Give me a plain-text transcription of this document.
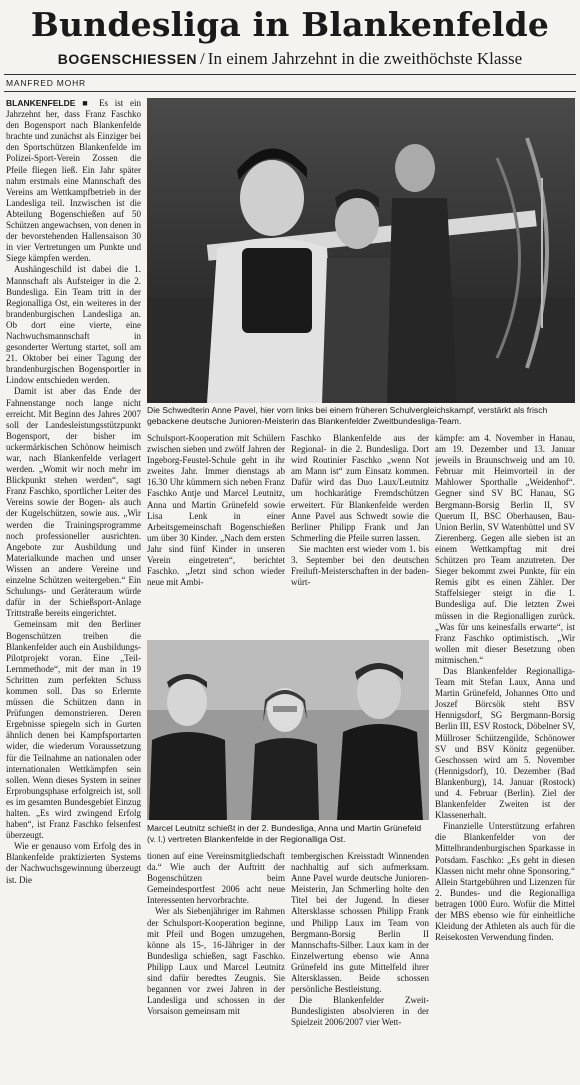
Bundesliga in Blankenfelde
BOGENSCHIESSEN / In einem Jahrzehnt in die zweithöchste Klasse
MANFRED MOHR

BLANKENFELDE ■ Es ist ein Jahrzehnt her, dass Franz Faschko den Bogensport nach Blankenfelde brachte und zunächst als Einziger bei den Sportschützen Blankenfelde im Polizei-Sport-Verein Zossen die Pfeile fliegen ließ. Ein Jahr später nahm erstmals eine Mannschaft des Vereins am Wettkampfbetrieb in der Landesliga teil. Inzwischen ist die Abteilung Bogenschießen auf 50 Schützen angewachsen, von denen in der bevorstehenden Hallensaison 30 in vier Vertretungen um Punkte und Siege kämpfen werden.

Aushängeschild ist dabei die 1. Mannschaft als Aufsteiger in die 2. Bundesliga. Ein Team tritt in der Regionalliga Ost, ein weiteres in der brandenburgischen Landesliga an. Ob dort eine vierte, eine Nachwuchsmannschaft in gesonderter Wertung startet, soll am 21. Oktober bei einer Tagung der brandenburgischen Bogensportler in Lindow entschieden werden.

Damit ist aber das Ende der Fahnenstange noch lange nicht erreicht. Mit Beginn des Jahres 2007 soll der Landesleistungsstützpunkt Bogensport, der bisher im uckermärkischen Schönow heimisch war, nach Blankenfelde verlagert werden. „Womit wir noch mehr im Blickpunkt stehen werden“, sagt Franz Faschko, sportlicher Leiter des Vereins sowie der Bogen- als auch der Kugelschützen, sowie aus. „Wir werden die Trainingsprogramme noch professioneller ausrichten. Angebote zur Ausbildung und Materialkunde machen und unser Wissen an andere Vereine und einzelne Schützen weitergeben.“ Ein Schulungs- und Geräteraum würde dafür in der Schießsport-Anlage Trittstraße bereits eingerichtet.

Gemeinsam mit den Berliner Bogenschützen treiben die Blankenfelder auch ein Ausbildungs-Pilotprojekt voran. Eine „Teil-Lernmethode“, mit der man in 19 Schritten zum perfekten Schuss kommen soll. Das so Erlernte müssen die Schützen dann in Prüfungen demonstrieren. Deren Ergebnisse spiegeln sich in Gurten ähnlich denen bei Kampfsportarten wider, die wiederum Voraussetzung für die Teilnahme an nationalen oder internationalen Wettkämpfen sein sollen. Wenn dieses System in seiner Erprobungsphase erfolgreich ist, soll es im gesamten Bundesgebiet Einzug halten. „Es wird zwingend Erfolg haben“, ist Franz Faschko felsenfest überzeugt.

Wie er genauso vom Erfolg des in Blankenfelde praktizierten Systems der Nachwuchsgewinnung überzeugt ist. Die

Die Schwedterin Anne Pavel, hier vorn links bei einem früheren Schulvergleichskampf, verstärkt als frisch gebackene deutsche Junioren-Meisterin das Blankenfelder Zweitbundesliga-Team.

Schulsport-Kooperation mit Schülern zwischen sieben und zwölf Jahren der Ingeborg-Feustel-Schule geht in ihr zweites Jahr. Immer dienstags ab 16.30 Uhr kümmern sich neben Franz Faschko Antje und Marcel Leutnitz, Anna und Martin Grünefeld sowie Lisa Lenk in einer Arbeitsgemeinschaft Bogenschießen um über 30 Kinder. „Nach dem ersten Jahr sind fünf Kinder in unseren Verein eingetreten“, berichtet Faschko. „Jetzt sind schon wieder neue mit Ambi-

Faschko Blankenfelde aus der Regional- in die 2. Bundesliga. Dort wird Routinier Faschko „wenn Not am Mann ist“ zum Einsatz kommen. Dafür wird das Duo Laux/Leutnitz um hochkarätige Fremdschützen erweitert. Für Blankenfelde werden Anne Pavel aus Schwedt sowie die Berliner Philipp Frank und Jan Schmerling die Pfeile surren lassen.

Sie machten erst wieder vom 1. bis 3. September bei den deutschen Freiluft-Meisterschaften in der baden-würt-

Marcel Leutnitz schießt in der 2. Bundesliga, Anna und Martin Grünefeld (v. l.) vertreten Blankenfelde in der Regionalliga Ost.

tionen auf eine Vereinsmitgliedschaft da.“ Wie auch der Auftritt der Bogenschützen beim Gemeindesportfest 2006 acht neue Interessenten hervorbrachte.

Wer als Siebenjähriger im Rahmen der Schulsport-Kooperation beginne, mit Pfeil und Bogen umzugehen, könne als 15-, 16-Jähriger in der Bundesliga schießen, sagt Faschko. Philipp Laux und Marcel Leutnitz sind dafür beredtes Zeugnis. Sie begannen vor zwei Jahren in der Landesliga und schossen in der Vorsaison gemeinsam mit

tembergischen Kreisstadt Winnenden nachhaltig auf sich aufmerksam. Anne Pavel wurde deutsche Junioren-Meisterin, Jan Schmerling holte den Titel bei der Jugend. In dieser Altersklasse schossen Philipp Frank und Philipp Laux im Team von Bergmann-Borsig Berlin II Mannschafts-Silber. Laux kam in der Einzelwertung ebenso wie Anna Grünefeld ins gute Mittelfeld ihrer Altersklassen. Beide schossen persönliche Bestleistung.

Die Blankenfelder Zweit-Bundesligisten absolvieren in der Spielzeit 2006/2007 vier Wett-

kämpfe: am 4. November in Hanau, am 19. Dezember und 13. Januar jeweils in Braunschweig und am 10. Februar mit Heimvorteil in der Mahlower Sporthalle „Weidenhof“. Gegner sind SV BC Hanau, SG Bergmann-Borsig Berlin II, SV Querum II, BSC Oberhausen, Bau-Union Berlin, SV Watenbüttel und SV Zierenberg. Gegen alle sieben ist an einem Wettkampftag mit drei Schützen pro Team anzutreten. Der Sieger bekommt zwei Punkte, für ein Remis gibt es einen Zähler. Der Staffelsieger steigt in die 1. Bundesliga auf. Die letzten Zwei müssen in die Regionalligen zurück. „Was für uns keinesfalls erwarte“, ist Franz Faschko optimistisch. „Wir wollen mit dieser Besetzung oben mitmischen.“

Das Blankenfelder Regionalliga-Team mit Stefan Laux, Anna und Martin Grünefeld, Johannes Otto und Joszef Börcsök steht BSV Hennigsdorf, SG Bergmann-Borsig Berlin III, ESV Rostock, Döbelner SV, Müllroser Schützengilde, Schönower SV und BSV Könitz gegenüber. Geschossen wird am 5. November (Hennigsdorf), 10. Dezember (Bad Blankenburg), 14. Januar (Rostock) und 4. Februar (Berlin). Ziel der Blankenfelder Zweiten ist der Klassenerhalt.

Finanzielle Unterstützung erfahren die Blankenfelder von der Mittelbrandenburgischen Sparkasse in Potsdam. Faschko: „Es geht in diesen Klassen nicht mehr ohne Sponsoring.“ Allein Startgebühren und Lizenzen für 2. Bundes- und die Regionalliga betragen 1000 Euro. Wofür die Mittel der MBS ebenso wie für einheitliche Kleidung der Athleten als auch für die Reisekosten Verwendung finden.
